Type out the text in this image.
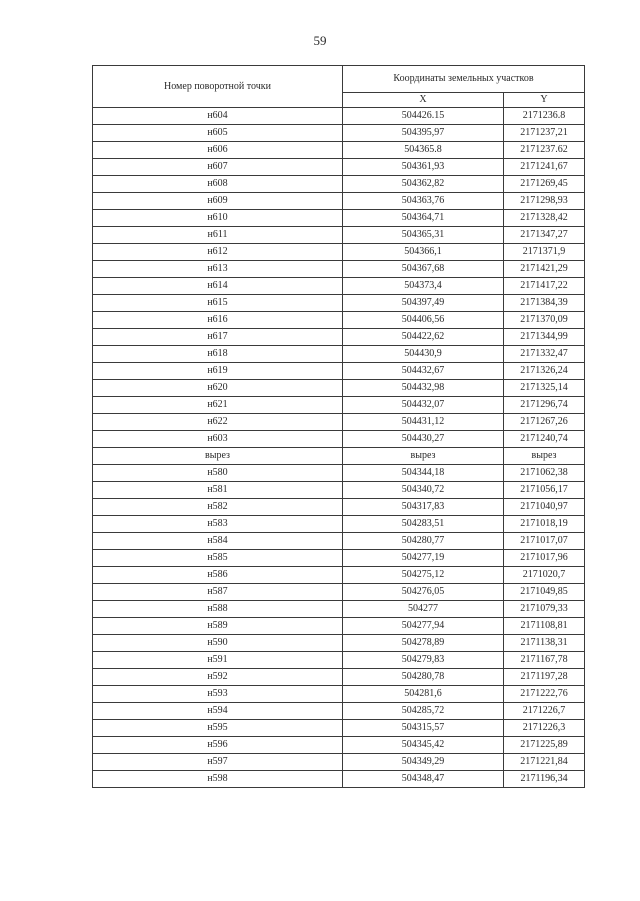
59
Номер поворотной точки	Координаты земельных участков	
	X	Y
н604	504426.15	2171236.8
н605	504395,97	2171237,21
н606	504365.8	2171237.62
н607	504361,93	2171241,67
н608	504362,82	2171269,45
н609	504363,76	2171298,93
н610	504364,71	2171328,42
н611	504365,31	2171347,27
н612	504366,1	2171371,9
н613	504367,68	2171421,29
н614	504373,4	2171417,22
н615	504397,49	2171384,39
н616	504406,56	2171370,09
н617	504422,62	2171344,99
н618	504430,9	2171332,47
н619	504432,67	2171326,24
н620	504432,98	2171325,14
н621	504432,07	2171296,74
н622	504431,12	2171267,26
н603	504430,27	2171240,74
вырез	вырез	вырез
н580	504344,18	2171062,38
н581	504340,72	2171056,17
н582	504317,83	2171040,97
н583	504283,51	2171018,19
н584	504280,77	2171017,07
н585	504277,19	2171017,96
н586	504275,12	2171020,7
н587	504276,05	2171049,85
н588	504277	2171079,33
н589	504277,94	2171108,81
н590	504278,89	2171138,31
н591	504279,83	2171167,78
н592	504280,78	2171197,28
н593	504281,6	2171222,76
н594	504285,72	2171226,7
н595	504315,57	2171226,3
н596	504345,42	2171225,89
н597	504349,29	2171221,84
н598	504348,47	2171196,34
